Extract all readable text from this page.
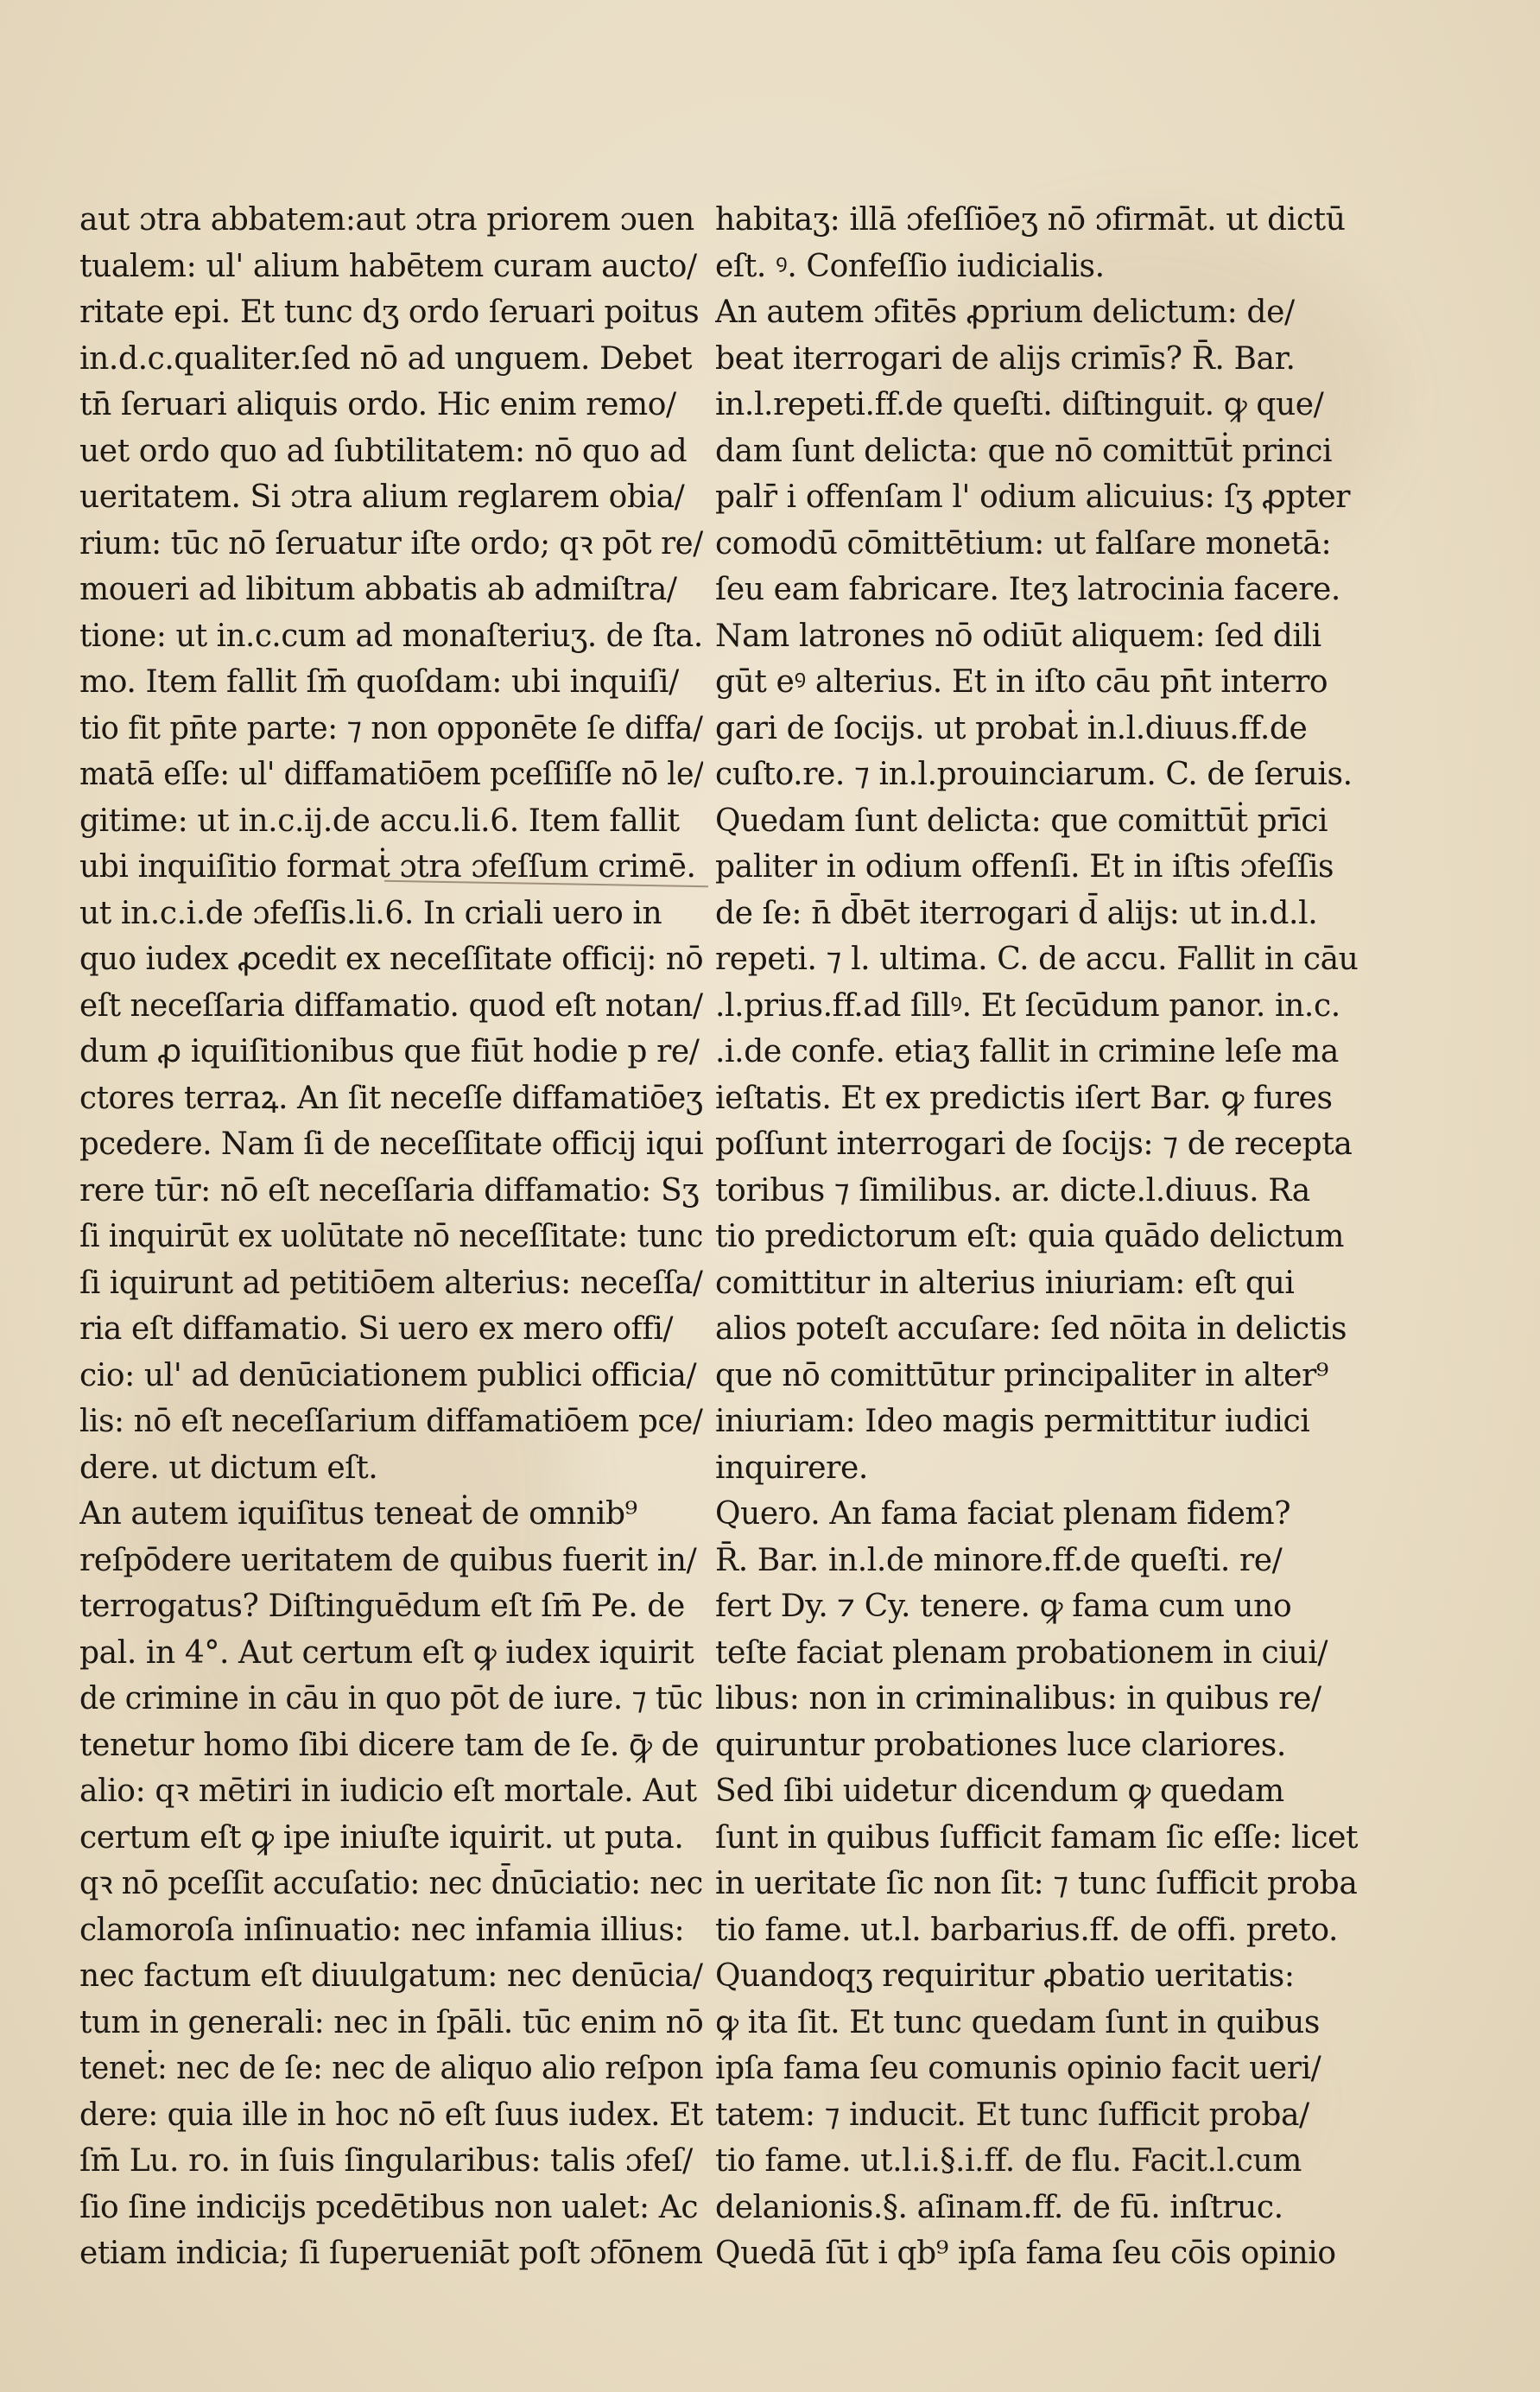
aut ɔtra abbatem:aut ɔtra priorem ɔuen
tualem: ul' alium habētem curam aucto/
ritate epi. Et tunc dʒ ordo ſeruari poitus
in.d.c.qualiter.ſed nō ad unguem. Debet
tn̄ ſeruari aliquis ordo. Hic enim remo/
uet ordo quo ad ſubtilitatem: nō quo ad
ueritatem. Si ɔtra alium reglarem obia/
rium: tūc nō ſeruatur iſte ordo; qꝛ pōt re/
moueri ad libitum abbatis ab admiſtra/
tione: ut in.c.cum ad monaſteriuʒ. de ſta.
mo. Item fallit ſm̄ quoſdam: ubi inquiſi/
tio fit pn̄te parte: ⁊ non opponēte ſe diffa/
matā eſſe: ul' diffamatiōem pceſſiſſe nō le/
gitime: ut in.c.ij.de accu.li.6. Item fallit
ubi inquiſitio formaṫ ɔtra ɔfeſſum crimē.
ut in.c.i.de ɔfeſſis.li.6. In criali uero in
quo iudex ꝓcedit ex neceſſitate officij: nō
eſt neceſſaria diffamatio. quod eſt notan/
dum ꝓ iquiſitionibus que fiūt hodie p re/
ctores terraꝝ. An ſit neceſſe diffamatiōeʒ
pcedere. Nam ſi de neceſſitate officij iqui
rere tūr: nō eſt neceſſaria diffamatio: Sʒ
ſi inquirūt ex uolūtate nō neceſſitate: tunc
ſi iquirunt ad petitiōem alterius: neceſſa/
ria eſt diffamatio. Si uero ex mero offi/
cio: ul' ad denūciationem publici officia/
lis: nō eſt neceſſarium diffamatiōem pce/
dere. ut dictum eſt.
An autem iquiſitus teneaṫ de omnib⁹
reſpōdere ueritatem de quibus fuerit in/
terrogatus? Diſtinguēdum eſt ſm̄ Pe. de
pal. in 4°. Aut certum eſt ꝙ iudex iquirit
de crimine in cāu in quo pōt de iure. ⁊ tūc
tenetur homo ſibi dicere tam de ſe. ꝙ̄ de
alio: qꝛ mētiri in iudicio eſt mortale. Aut
certum eſt ꝙ ipe iniuſte iquirit. ut puta.
qꝛ nō pceſſit accuſatio: nec d̄nūciatio: nec
clamoroſa inſinuatio: nec infamia illius:
nec factum eſt diuulgatum: nec denūcia/
tum in generali: nec in ſpāli. tūc enim nō
teneṫ: nec de ſe: nec de aliquo alio reſpon
dere: quia ille in hoc nō eſt ſuus iudex. Et
ſm̄ Lu. ro. in ſuis ſingularibus: talis ɔfeſ/
ſio ſine indicijs pcedētibus non ualet: Ac
etiam indicia; ſi ſuperueniāt poſt ɔfōnem
habitaʒ: illā ɔfeſſiōeʒ nō ɔfirmāt. ut dictū
eſt. ꝰ. Confeſſio iudicialis.
An autem ɔfitēs ꝓprium delictum: de/
beat iterrogari de alijs crimīs? R̄. Bar.
in.l.repeti.ff.de queſti. diſtinguit. ꝙ que/
dam ſunt delicta: que nō comittūṫ princi
palr̄ i offenſam l' odium alicuius: ſʒ ꝓpter
comodū cōmittētium: ut falſare monetā:
ſeu eam fabricare. Iteʒ latrocinia facere.
Nam latrones nō odiūt aliquem: ſed dili
gūt eꝰ alterius. Et in iſto cāu pn̄t interro
gari de ſocijs. ut probaṫ in.l.diuus.ff.de
cuſto.re. ⁊ in.l.prouinciarum. C. de ſeruis.
Quedam ſunt delicta: que comittūṫ prīci
paliter in odium offenſi. Et in iſtis ɔfeſſis
de ſe: n̄ d̄bēt iterrogari d̄ alijs: ut in.d.l.
repeti. ⁊ l. ultima. C. de accu. Fallit in cāu
.l.prius.ff.ad ſillꝰ. Et ſecūdum panor. in.c.
.i.de confe. etiaʒ fallit in crimine leſe ma
ieſtatis. Et ex predictis iſert Bar. ꝙ fures
poſſunt interrogari de ſocijs: ⁊ de recepta
toribus ⁊ ſimilibus. ar. dicte.l.diuus. Ra
tio predictorum eſt: quia quādo delictum
comittitur in alterius iniuriam: eſt qui
alios poteſt accuſare: ſed nōita in delictis
que nō comittūtur principaliter in alter⁹
iniuriam: Ideo magis permittitur iudici
inquirere.
Quero. An fama faciat plenam fidem?
R̄. Bar. in.l.de minore.ff.de queſti. re/
fert Dy. ⁊ Cy. tenere. ꝙ fama cum uno
teſte faciat plenam probationem in ciui/
libus: non in criminalibus: in quibus re/
quiruntur probationes luce clariores.
Sed ſibi uidetur dicendum ꝙ quedam
ſunt in quibus ſufficit famam ſic eſſe: licet
in ueritate ſic non ſit: ⁊ tunc ſufficit proba
tio fame. ut.l. barbarius.ff. de offi. preto.
Quandoqʒ requiritur ꝓbatio ueritatis:
ꝙ ita ſit. Et tunc quedam ſunt in quibus
ipſa fama ſeu comunis opinio facit ueri/
tatem: ⁊ inducit. Et tunc ſufficit proba/
tio fame. ut.l.i.§.i.ff. de flu. Facit.l.cum
delanionis.§. aſinam.ff. de fū. inſtruc.
Quedā ſūt i qb⁹ ipſa fama ſeu cōis opinio
